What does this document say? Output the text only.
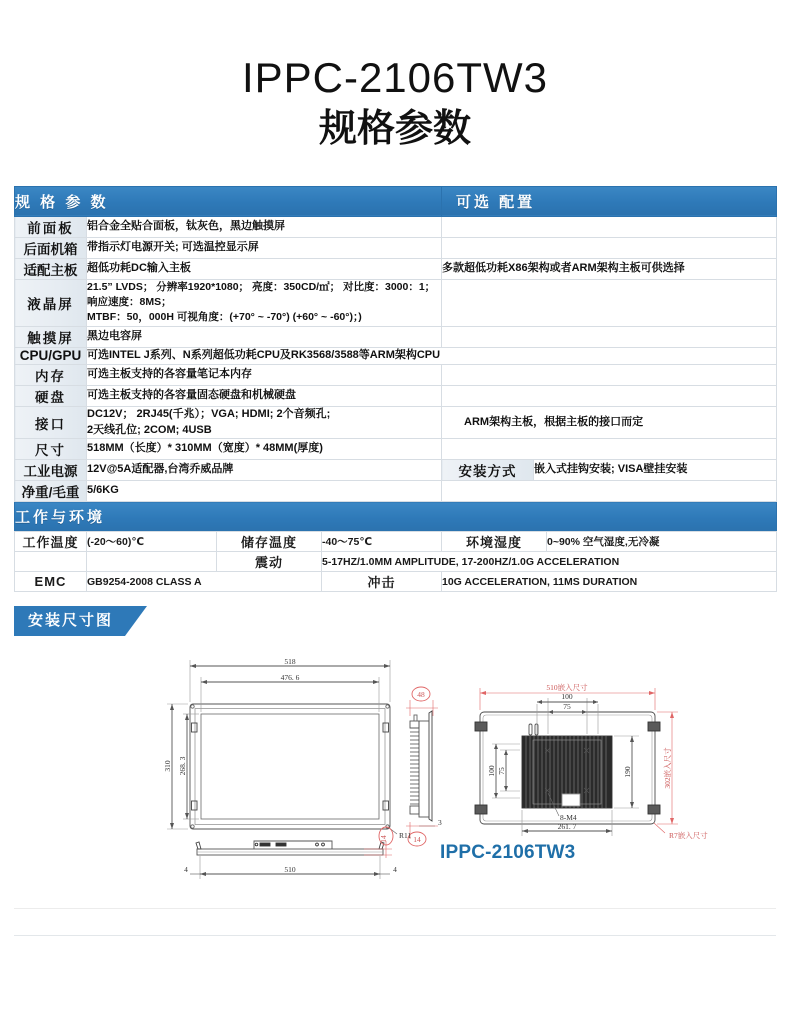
IPPC-2106TW3
规格参数
规 格 参 数		可选 配置	
前面板	铝合金全贴合面板，钛灰色，黑边触摸屏		
后面机箱	带指示灯电源开关; 可选温控显示屏		
适配主板	超低功耗DC输入主板	多款超低功耗X86架构或者ARM架构主板可供选择	
液晶屏	21.5” LVDS； 分辨率1920*1080； 亮度：350CD/㎡； 对比度：3000：1； 响应速度：8MS；
MTBF：50，000H 可视角度：(+70° ~ -70°) (+60° ~ -60°)；)		

触摸屏	黑边电容屏		
CPU/GPU	可选INTEL J系列、N系列超低功耗CPU及RK3568/3588等ARM架构CPU		
内存	可选主板支持的各容量笔记本内存		
硬盘	可选主板支持的各容量固态硬盘和机械硬盘		
接口	DC12V； 2RJ45(千兆）；VGA; HDMI; 2个音频孔;
2天线孔位; 2COM; 4USB	ARM架构主板，根据主板的接口而定	
尺寸	518MM（长度）* 310MM（宽度）* 48MM(厚度)		
工业电源	12V@5A适配器,台湾乔威品牌	安装方式	嵌入式挂钩安装; VISA壁挂安装
净重/毛重	5/6KG		
工作与环境			
工作温度	(-20～60)℃	储存温度	-40～75℃	环境湿度	0~90% 空气湿度,无冷凝
		震动	5-17HZ/1.0MM AMPLITUDE, 17-200HZ/1.0G ACCELERATION		
EMC	GB9254-2008 CLASS A		冲击	10G ACCELERATION, 11MS DURATION	
安装尺寸图
518
476. 6
310 268. 3
R11
510
4	4
14
48
3
14
510嵌入尺寸
302嵌入尺寸
R7嵌入尺寸
100
75
100 75	190
261. 7
8-M4
IPPC-2106TW3
